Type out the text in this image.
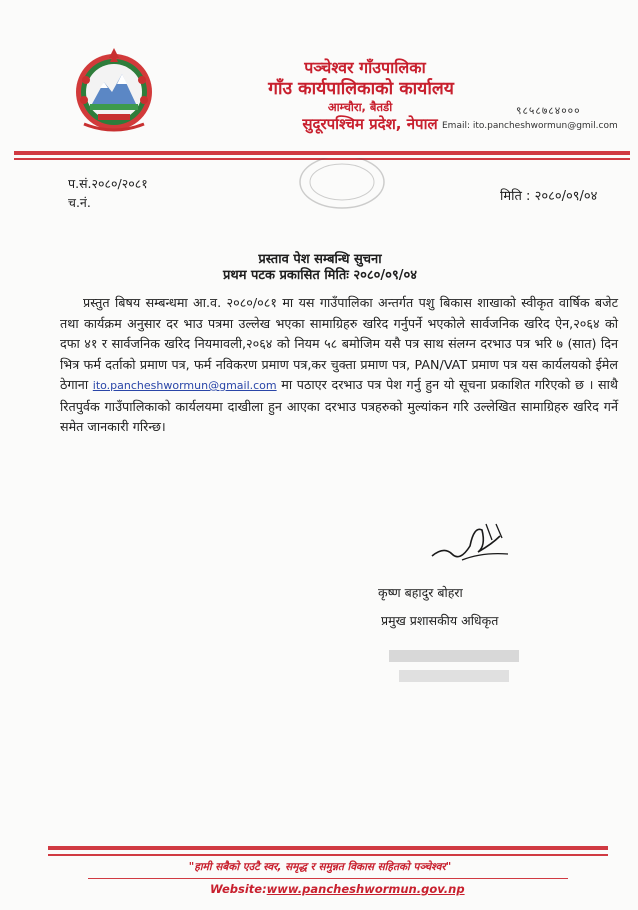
पञ्चेश्वर गाँउपालिका
गाँउ कार्यपालिकाको कार्यालय
आम्चौरा, बैतडी
सुदूरपश्चिम प्रदेश, नेपाल
९८५८७८४०००
Email: ito.pancheshwormun@gmil.com
प.सं.२०८०/२०८१
च.नं.	मिति : २०८०/०९/०४
प्रस्ताव पेश सम्बन्धि सुचना
प्रथम पटक प्रकासित मितिः २०८०/०९/०४
प्रस्तुत बिषय सम्बन्धमा आ.व. २०८०/०८१ मा यस गाउँपालिका अन्तर्गत पशु बिकास शाखाको स्वीकृत वार्षिक बजेट तथा कार्यक्रम अनुसार दर भाउ पत्रमा उल्लेख भएका सामाग्रिहरु खरिद गर्नुपर्ने भएकोले सार्वजनिक खरिद ऐन,२०६४ को दफा ४१ र सार्वजनिक खरिद नियमावली,२०६४ को नियम ५८ बमोजिम यसै पत्र साथ संलग्न दरभाउ पत्र भरि ७ (सात) दिन भित्र फर्म दर्ताको प्रमाण पत्र, फर्म नविकरण प्रमाण पत्र,कर चुक्ता प्रमाण पत्र, PAN/VAT प्रमाण पत्र यस कार्यलयको ईमेल ठेगाना ito.pancheshwormun@gmail.com मा पठाएर दरभाउ पत्र पेश गर्नु हुन यो सूचना प्रकाशित गरिएको छ । साथै रितपुर्वक गाउँपालिकाको कार्यलयमा दाखीला हुन आएका दरभाउ पत्रहरुको मुल्यांकन गरि उल्लेखित सामाग्रिहरु खरिद गर्ने समेत जानकारी गरिन्छ।
कृष्ण बहादुर बोहरा
प्रमुख प्रशासकीय अधिकृत
"हामी सबैको एउटै स्वर, समृद्ध र समुन्नत विकास सहितको पञ्चेश्वर"
Website:www.pancheshwormun.gov.np
